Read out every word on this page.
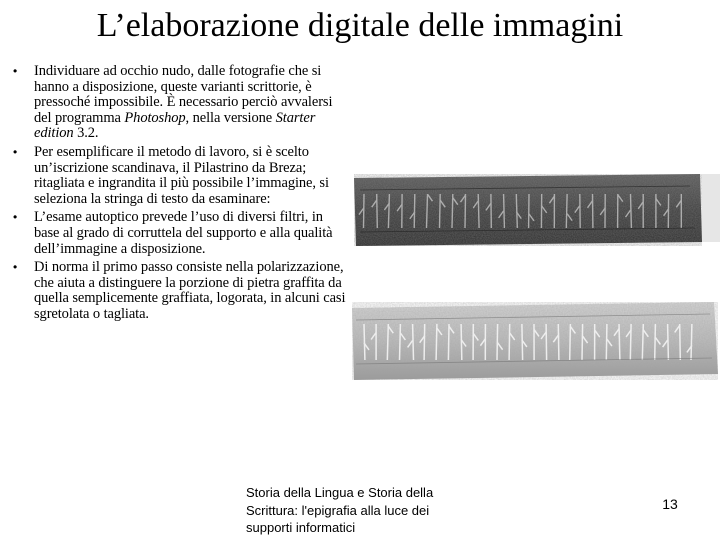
L’elaborazione digitale delle immagini
• Individuare ad occhio nudo, dalle fotografie che si hanno a disposizione, queste varianti scrittorie, è pressoché impossibile. È necessario perciò avvalersi del programma Photoshop, nella versione Starter edition 3.2.
• Per esemplificare il metodo di lavoro, si è scelto un’iscrizione scandinava, il Pilastrino da Breza; ritagliata e ingrandita il più possibile l’immagine, si seleziona la stringa di testo da esaminare:
• L’esame autoptico prevede l’uso di diversi filtri, in base al grado di corruttela del supporto e alla qualità dell’immagine a disposizione.
• Di norma il primo passo consiste nella polarizzazione, che aiuta a distinguere la porzione di pietra graffita da quella semplicemente graffiata, logorata, in alcuni casi sgretolata o tagliata.
Storia della Lingua e Storia della Scrittura: l'epigrafia alla luce dei supporti informatici
13
